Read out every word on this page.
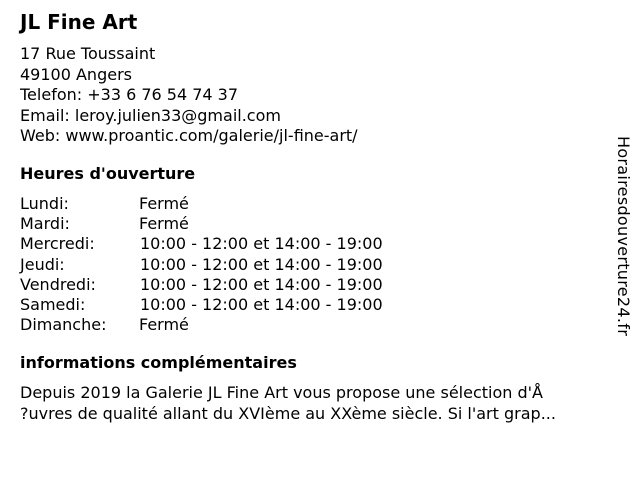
JL Fine Art
17 Rue Toussaint
49100 Angers
Telefon: +33 6 76 54 74 37
Email: leroy.julien33@gmail.com
Web: www.proantic.com/galerie/jl-fine-art/
Heures d'ouverture
Lundi:	Fermé
Mardi:	Fermé
Mercredi:	10:00 - 12:00 et 14:00 - 19:00
Jeudi:	10:00 - 12:00 et 14:00 - 19:00
Vendredi:	10:00 - 12:00 et 14:00 - 19:00
Samedi:	10:00 - 12:00 et 14:00 - 19:00
Dimanche: Fermé
informations complémentaires
Depuis 2019 la Galerie JL Fine Art vous propose une sélection d'Å
?uvres de qualité allant du XVIème au XXème siècle. Si l'art grap...
Horairesdouverture24.fr
